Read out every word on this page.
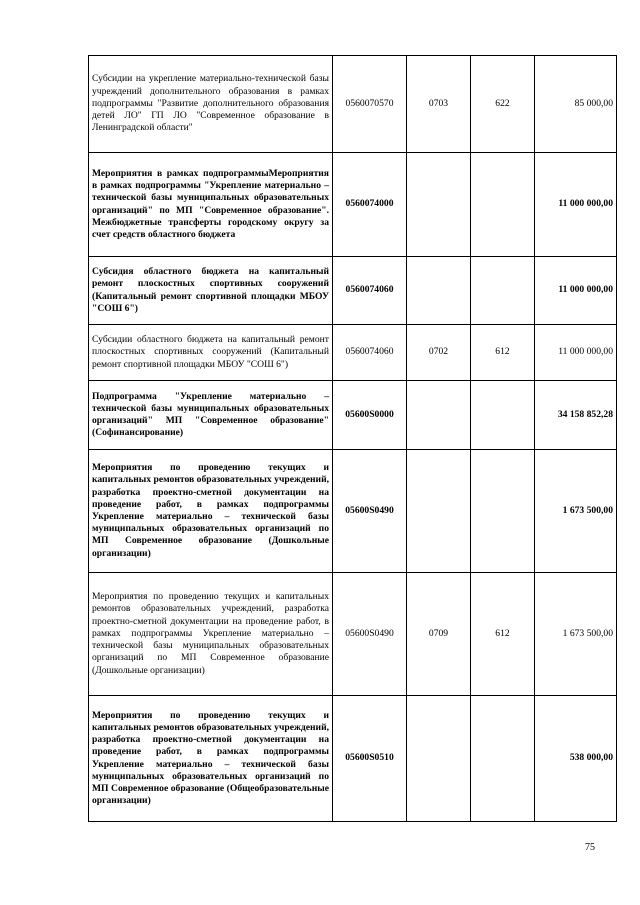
Субсидии на укрепление материально-технической базы учреждений дополнительного образования в рамках подпрограммы "Развитие дополнительного образования детей ЛО" ГП ЛО "Современное образование в Ленинградской области"	0560070570	0703	622	85 000,00
Мероприятия в рамках подпрограммыМероприятия в рамках подпрограммы "Укрепление материально – технической базы муниципальных образовательных организаций" по МП "Современное образование". Межбюджетные трансферты городскому округу за счет средств областного бюджета	0560074000			11 000 000,00
Субсидия областного бюджета на капитальный ремонт плоскостных спортивных сооружений (Капитальный ремонт спортивной площадки МБОУ "СОШ 6")	0560074060			11 000 000,00
Субсидии областного бюджета на капитальный ремонт плоскостных спортивных сооружений (Капитальный ремонт спортивной площадки МБОУ "СОШ 6")	0560074060	0702	612	11 000 000,00
Подпрограмма "Укрепление материально – технической базы муниципальных образовательных организаций" МП "Современное образование" (Софинансирование)	05600S0000			34 158 852,28
Мероприятия по проведению текущих и капитальных ремонтов образовательных учреждений, разработка проектно-сметной документации на проведение работ, в рамках подпрограммы Укрепление материально – технической базы муниципальных образовательных организаций по МП Современное образование (Дошкольные организации)	05600S0490			1 673 500,00
Мероприятия по проведению текущих и капитальных ремонтов образовательных учреждений, разработка проектно-сметной документации на проведение работ, в рамках подпрограммы Укрепление материально – технической базы муниципальных образовательных организаций по МП Современное образование (Дошкольные организации)	05600S0490	0709	612	1 673 500,00
Мероприятия по проведению текущих и капитальных ремонтов образовательных учреждений, разработка проектно-сметной документации на проведение работ, в рамках подпрограммы Укрепление материально – технической базы муниципальных образовательных организаций по МП Современное образование (Общеобразовательные организации)	05600S0510			538 000,00
75
